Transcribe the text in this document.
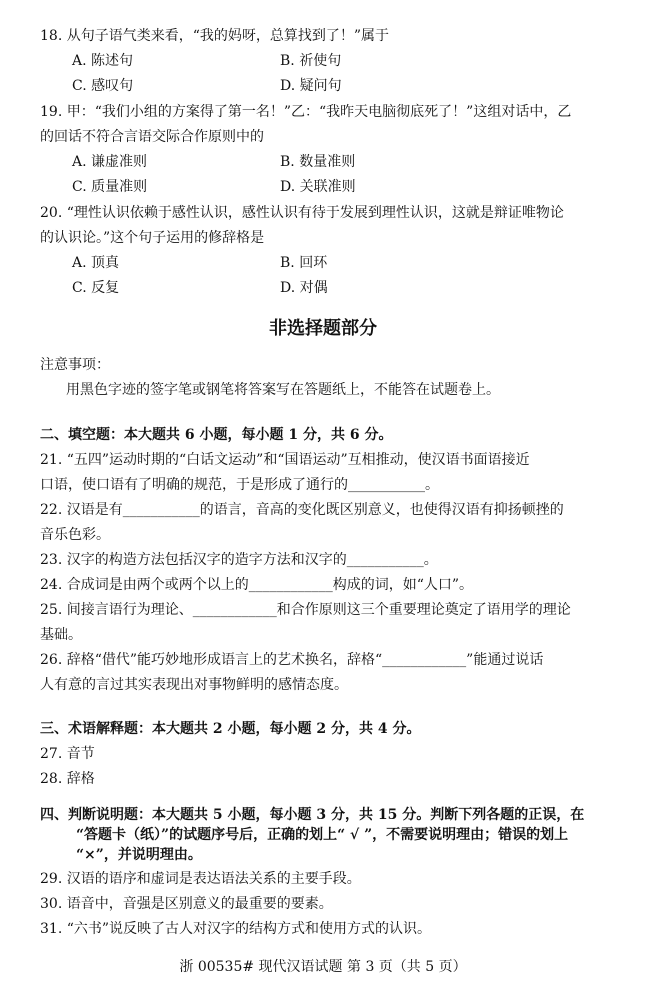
18. 从句子语气类来看，“我的妈呀，总算找到了！”属于
A. 陈述句	B. 祈使句
C. 感叹句	D. 疑问句
19. 甲：“我们小组的方案得了第一名！”乙：“我昨天电脑彻底死了！”这组对话中，乙
的回话不符合言语交际合作原则中的
A. 谦虚准则	B. 数量准则
C. 质量准则	D. 关联准则
20. “理性认识依赖于感性认识，感性认识有待于发展到理性认识，这就是辩证唯物论
的认识论。”这个句子运用的修辞格是
A. 顶真	B. 回环
C. 反复	D. 对偶
非选择题部分
注意事项：
用黑色字迹的签字笔或钢笔将答案写在答题纸上，不能答在试题卷上。
二、填空题：本大题共 6 小题，每小题 1 分，共 6 分。
21. “五四”运动时期的“白话文运动”和“国语运动”互相推动，使汉语书面语接近
口语，使口语有了明确的规范，于是形成了通行的___________。
22. 汉语是有___________的语言，音高的变化既区别意义，也使得汉语有抑扬顿挫的
音乐色彩。
23. 汉字的构造方法包括汉字的造字方法和汉字的___________。
24. 合成词是由两个或两个以上的____________构成的词，如“人口”。
25. 间接言语行为理论、____________和合作原则这三个重要理论奠定了语用学的理论
基础。
26. 辞格“借代”能巧妙地形成语言上的艺术换名，辞格“____________”能通过说话
人有意的言过其实表现出对事物鲜明的感情态度。
三、术语解释题：本大题共 2 小题，每小题 2 分，共 4 分。
27. 音节
28. 辞格
四、判断说明题：本大题共 5 小题，每小题 3 分，共 15 分。判断下列各题的正误，在
“答题卡（纸）”的试题序号后，正确的划上“ √ ”，不需要说明理由；错误的划上
“×”，并说明理由。
29. 汉语的语序和虚词是表达语法关系的主要手段。
30. 语音中，音强是区别意义的最重要的要素。
31. “六书”说反映了古人对汉字的结构方式和使用方式的认识。
浙 00535# 现代汉语试题 第 3 页（共 5 页）
